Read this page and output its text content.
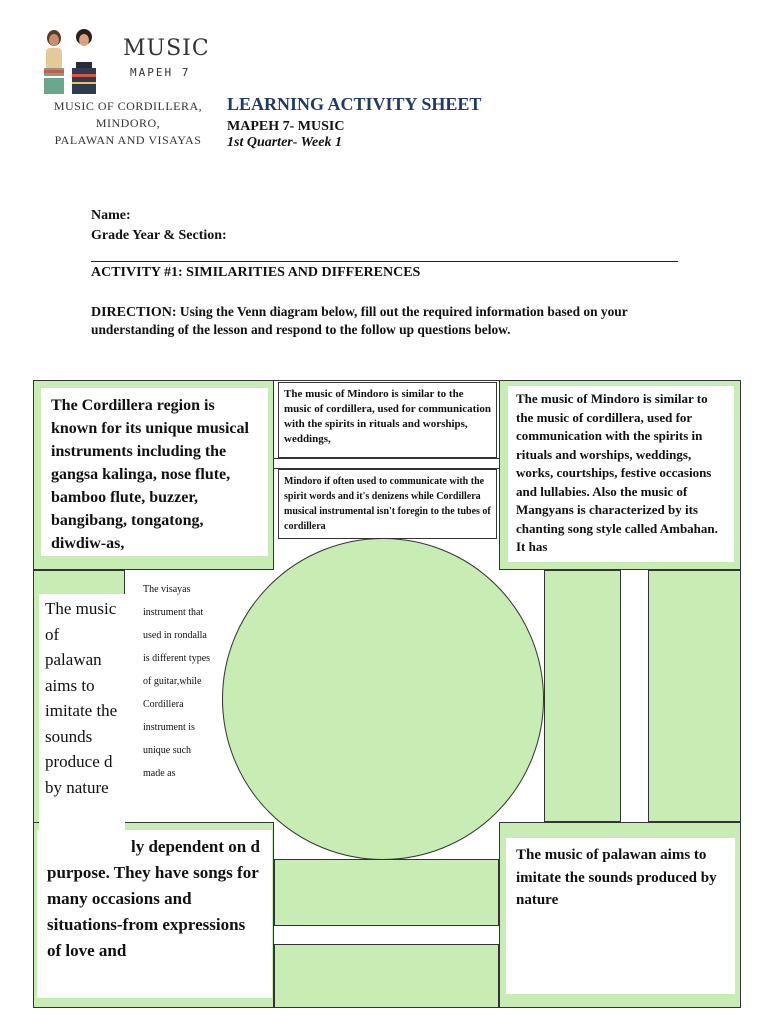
MUSIC
MAPEH 7
MUSIC OF CORDILLERA,
MINDORO,
PALAWAN AND VISAYAS
LEARNING ACTIVITY SHEET
MAPEH 7- MUSIC
1st Quarter- Week 1
Name:
Grade Year & Section:
ACTIVITY #1: SIMILARITIES AND DIFFERENCES
DIRECTION: Using the Venn diagram below, fill out the required information based on your understanding of the lesson and respond to the follow up questions below.
The Cordillera region is known for its unique musical instruments including the gangsa kalinga, nose flute, bamboo flute, buzzer, bangibang, tongatong, diwdiw-as,
The music of Mindoro is similar to the music of cordillera, used for communication with the spirits in rituals and worships, weddings,
Mindoro if often used to communicate with the spirit words and it's denizens while Cordillera musical instrumental isn't foregin to the tubes of cordillera
The music of Mindoro is similar to the music of cordillera, used for communication with the spirits in rituals and worships, weddings, works, courtships, festive occasions and lullabies. Also the music of Mangyans is characterized by its chanting song style called Ambahan. It has
The music of palawan aims to imitate the sounds produce d by nature
The visayas instrument that used in rondalla is different types of guitar,while Cordillera instrument is unique such made as
ly dependent on d purpose. They have songs for many occasions and situations-from expressions of love and
The music of palawan aims to imitate the sounds produced by nature
